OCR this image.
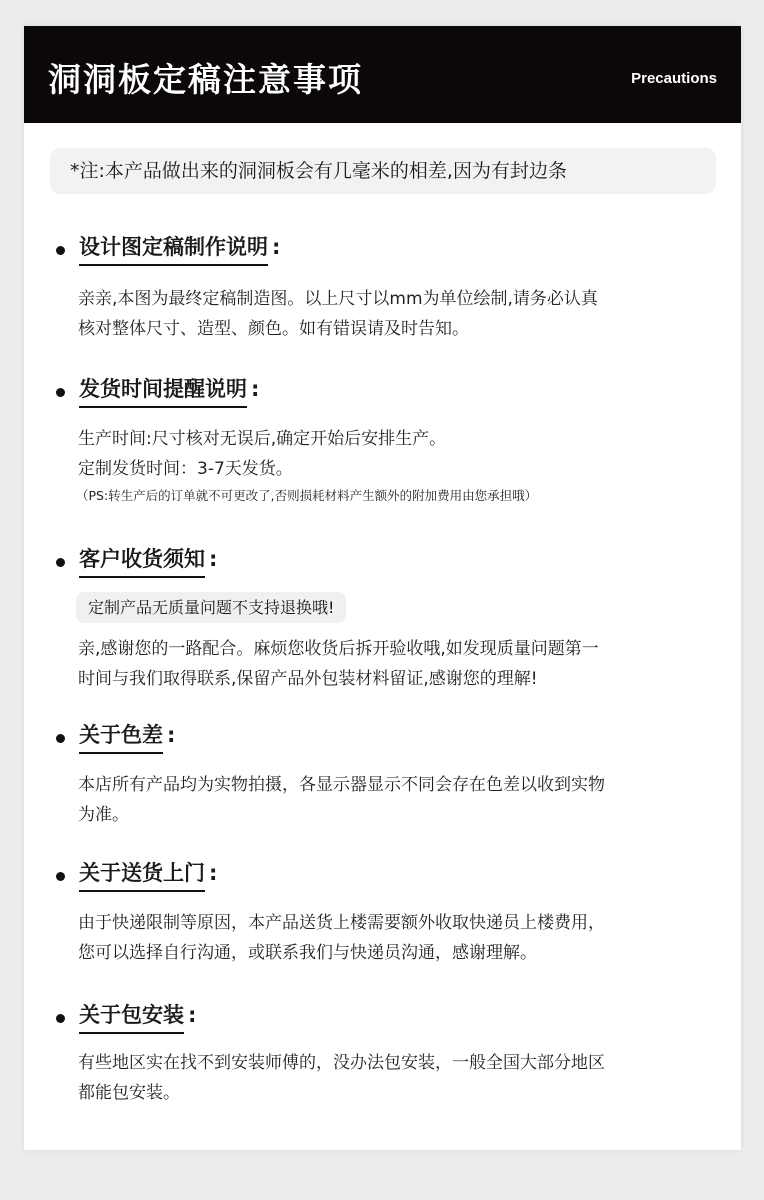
洞洞板定稿注意事项	Precautions
*注:本产品做出来的洞洞板会有几毫米的相差,因为有封边条
设计图定稿制作说明 :
亲亲,本图为最终定稿制造图。以上尺寸以mm为单位绘制,请务必认真
核对整体尺寸、造型、颜色。如有错误请及时告知。
发货时间提醒说明 :
生产时间:尺寸核对无误后,确定开始后安排生产。
定制发货时间：3-7天发货。
（PS:转生产后的订单就不可更改了,否则损耗材料产生额外的附加费用由您承担哦）
客户收货须知 :
定制产品无质量问题不支持退换哦!
亲,感谢您的一路配合。麻烦您收货后拆开验收哦,如发现质量问题第一
时间与我们取得联系,保留产品外包装材料留证,感谢您的理解!
关于色差 :
本店所有产品均为实物拍摄，各显示器显示不同会存在色差以收到实物
为准。
关于送货上门 :
由于快递限制等原因，本产品送货上楼需要额外收取快递员上楼费用，
您可以选择自行沟通，或联系我们与快递员沟通，感谢理解。
关于包安装 :
有些地区实在找不到安装师傅的，没办法包安装，一般全国大部分地区
都能包安装。
